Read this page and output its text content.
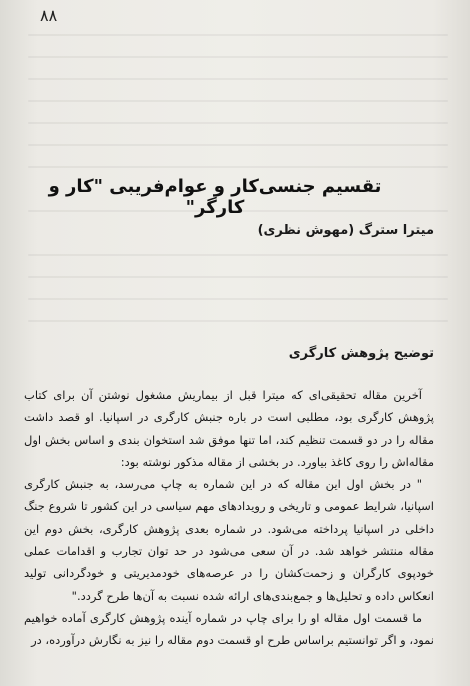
۸۸
تقسیم جنسی‌کار و عوام‌فریبی "کار و کارگر"
میترا سترگ (مهوش نظری)
توضیح پژوهش کارگری

آخرین مقاله تحقیقی‌ای که میترا قبل از بیماریش مشغول نوشتن آن برای کتاب پژوهش کارگری بود، مطلبی است در باره جنبش کارگری در اسپانیا. او قصد داشت مقاله را در دو قسمت تنظیم کند، اما تنها موفق شد استخوان بندی و اساس بخش اول مقاله‌اش را روی کاغذ بیاورد. در بخشی از مقاله مذکور نوشته بود:

" در بخش اول این مقاله که در این شماره به چاپ می‌رسد، به جنبش کارگری اسپانیا، شرایط عمومی و تاریخی و رویدادهای مهم سیاسی در این کشور تا شروع جنگ داخلی در اسپانیا پرداخته می‌شود. در شماره بعدی پژوهش کارگری، بخش دوم این مقاله منتشر خواهد شد. در آن سعی می‌شود در حد توان تجارب و اقدامات عملی خودپوی کارگران و زحمت‌کشان را در عرصه‌های خودمدیریتی و خودگردانی تولید انعکاس داده و تحلیل‌ها و جمع‌بندی‌های ارائه شده نسبت به آن‌ها طرح گردد."

ما قسمت اول مقاله او را برای چاپ در شماره آینده پژوهش کارگری آماده خواهیم نمود، و اگر توانستیم براساس طرح او قسمت دوم مقاله را نیز به نگارش درآورده، در
